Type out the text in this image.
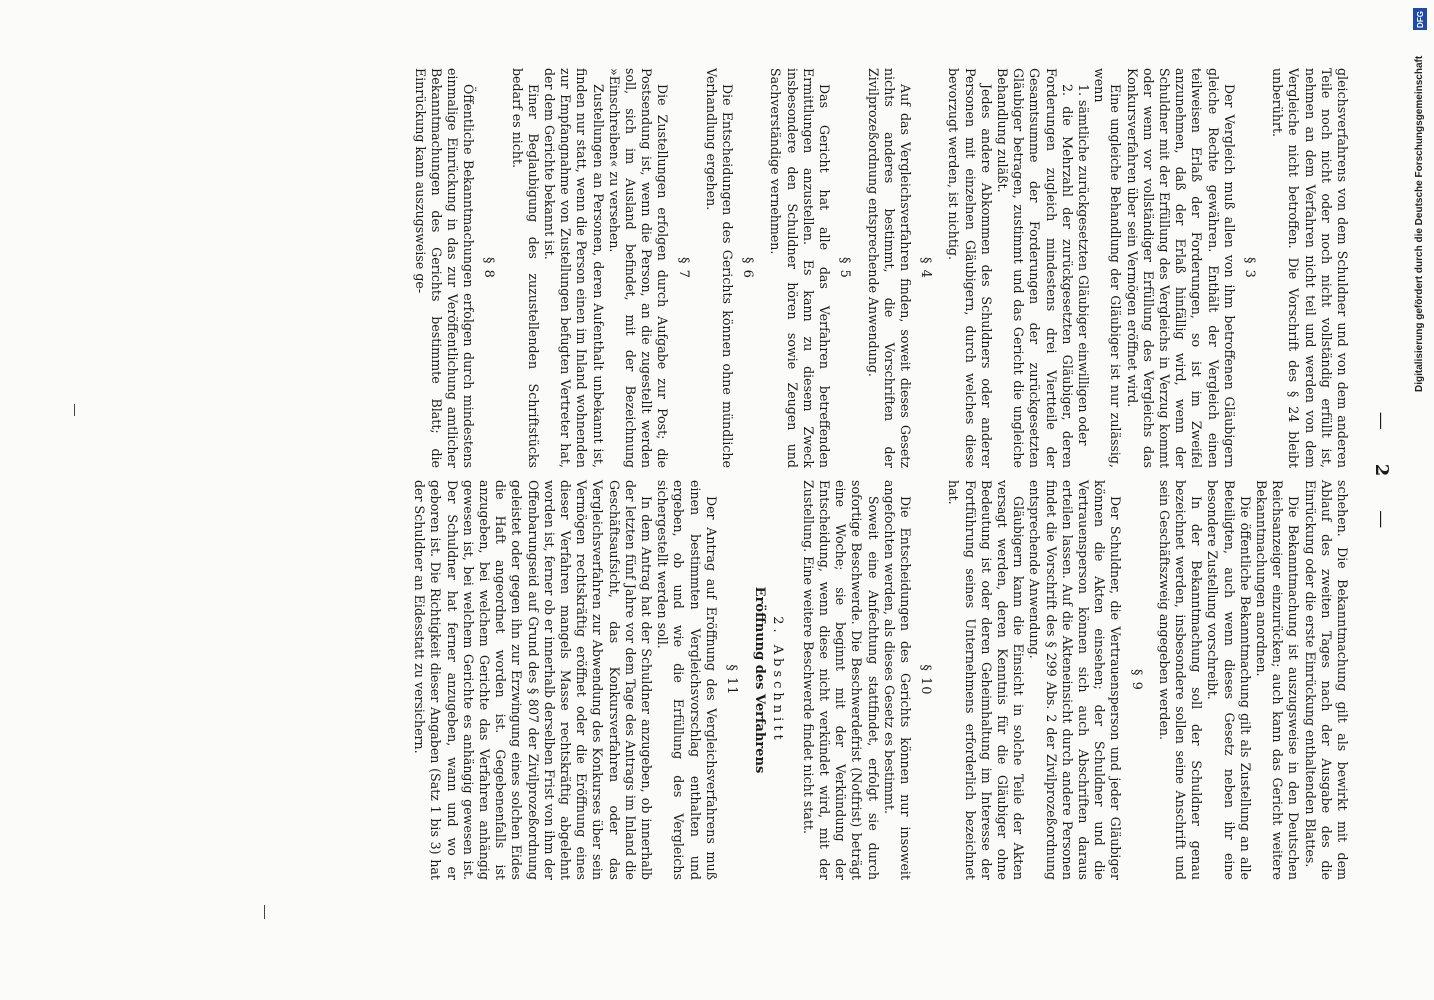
—2—

gleichsverfahrens von dem Schuldner und von dem anderen Teile noch nicht oder noch nicht vollständig erfüllt ist, nehmen an dem Verfahren nicht teil und werden von dem Vergleiche nicht betroffen. Die Vorschrift des § 24 bleibt unberührt.

§ 3

Der Vergleich muß allen von ihm betroffenen Gläubigern gleiche Rechte gewähren. Enthält der Vergleich einen teilweisen Erlaß der Forderungen, so ist im Zweifel anzunehmen, daß der Erlaß hinfällig wird, wenn der Schuldner mit der Erfüllung des Vergleichs in Verzug kommt oder wenn vor vollständiger Erfüllung des Vergleichs das Konkursverfahren über sein Vermögen eröffnet wird.

Eine ungleiche Behandlung der Gläubiger ist nur zulässig, wenn

1. sämtliche zurückgesetzten Gläubiger einwilligen oder

2. die Mehrzahl der zurückgesetzten Gläubiger, deren Forderungen zugleich mindestens drei Viertteile der Gesamtsumme der Forderungen der zurückgesetzten Gläubiger betragen, zustimmt und das Gericht die ungleiche Behandlung zuläßt.

Jedes andere Abkommen des Schuldners oder anderer Personen mit einzelnen Gläubigern, durch welches diese bevorzugt werden, ist nichtig.

§ 4

Auf das Vergleichsverfahren finden, soweit dieses Gesetz nichts anderes bestimmt, die Vorschriften der Zivilprozeßordnung entsprechende Anwendung.

§ 5

Das Gericht hat alle das Verfahren betreffenden Ermittlungen anzustellen. Es kann zu diesem Zweck insbesondere den Schuldner hören sowie Zeugen und Sachverständige vernehmen.

§ 6

Die Entscheidungen des Gerichts können ohne mündliche Verhandlung ergehen.

§ 7

Die Zustellungen erfolgen durch Aufgabe zur Post; die Postsendung ist, wenn die Person, an die zugestellt werden soll, sich im Ausland befindet, mit der Bezeichnung »Einschreiben« zu versehen.

Zustellungen an Personen, deren Aufenthalt unbekannt ist, finden nur statt, wenn die Person einen im Inland wohnenden zur Empfangnahme von Zustellungen befugten Vertreter hat, der dem Gerichte bekannt ist.

Einer Beglaubigung des zuzustellenden Schriftstücks bedarf es nicht.

§ 8

Öffentliche Bekanntmachungen erfolgen durch mindestens einmalige Einrückung in das zur Veröffentlichung amtlicher Bekanntmachungen des Gerichts bestimmte Blatt; die Einrückung kann auszugsweise ge-

schehen. Die Bekanntmachung gilt als bewirkt mit dem Ablauf des zweiten Tages nach der Ausgabe des die Einrückung oder die erste Einrückung enthaltenden Blattes.

Die Bekanntmachung ist auszugsweise in den Deutschen Reichsanzeiger einzurücken; auch kann das Gericht weitere Bekanntmachungen anordnen.

Die öffentliche Bekanntmachung gilt als Zustellung an alle Beteiligten, auch wenn dieses Gesetz neben ihr eine besondere Zustellung vorschreibt.

In der Bekanntmachung soll der Schuldner genau bezeichnet werden, insbesondere sollen seine Anschrift und sein Geschäftszweig angegeben werden.

§ 9

Der Schuldner, die Vertrauensperson und jeder Gläubiger können die Akten einsehen; der Schuldner und die Vertrauensperson können sich auch Abschriften daraus erteilen lassen. Auf die Akteneinsicht durch andere Personen findet die Vorschrift des § 299 Abs. 2 der Zivilprozeßordnung entsprechende Anwendung.

Gläubigern kann die Einsicht in solche Teile der Akten versagt werden, deren Kenntnis für die Gläubiger ohne Bedeutung ist oder deren Geheimhaltung im Interesse der Fortführung seines Unternehmens erforderlich bezeichnet hat.

§ 10

Die Entscheidungen des Gerichts können nur insoweit angefochten werden, als dieses Gesetz es bestimmt.

Soweit eine Anfechtung stattfindet, erfolgt sie durch sofortige Beschwerde. Die Beschwerdefrist (Notfrist) beträgt eine Woche; sie beginnt mit der Verkündung der Entscheidung, wenn diese nicht verkündet wird, mit der Zustellung. Eine weitere Beschwerde findet nicht statt.

2. Abschnitt
Eröffnung des Verfahrens
§ 11

Der Antrag auf Eröffnung des Vergleichsverfahrens muß einen bestimmten Vergleichsvorschlag enthalten und ergeben, ob und wie die Erfüllung des Vergleichs sichergestellt werden soll.

In dem Antrag hat der Schuldner anzugeben, ob innerhalb der letzten fünf Jahre vor dem Tage des Antrags im Inland die Geschäftsaufsicht, das Konkursverfahren oder das Vergleichsverfahren zur Abwendung des Konkurses über sein Vermögen rechtskräftig eröffnet oder die Eröffnung eines dieser Verfahren mangels Masse rechtskräftig abgelehnt worden ist, ferner ob er innerhalb derselben Frist von ihm der Offenbarungseid auf Grund des § 807 der Zivilprozeßordnung geleistet oder gegen ihn zur Erzwingung eines solchen Eides die Haft angeordnet worden ist. Gegebenenfalls ist anzugeben, bei welchem Gerichte das Verfahren anhängig gewesen ist, bei welchem Gerichte es anhängig gewesen ist. Der Schuldner hat ferner anzugeben, wann und wo er geboren ist. Die Richtigkeit dieser Angaben (Satz 1 bis 3) hat der Schuldner an Eidesstatt zu versichern.

DFG
Digitalisierung gefördert durch die Deutsche Forschungsgemeinschaft
